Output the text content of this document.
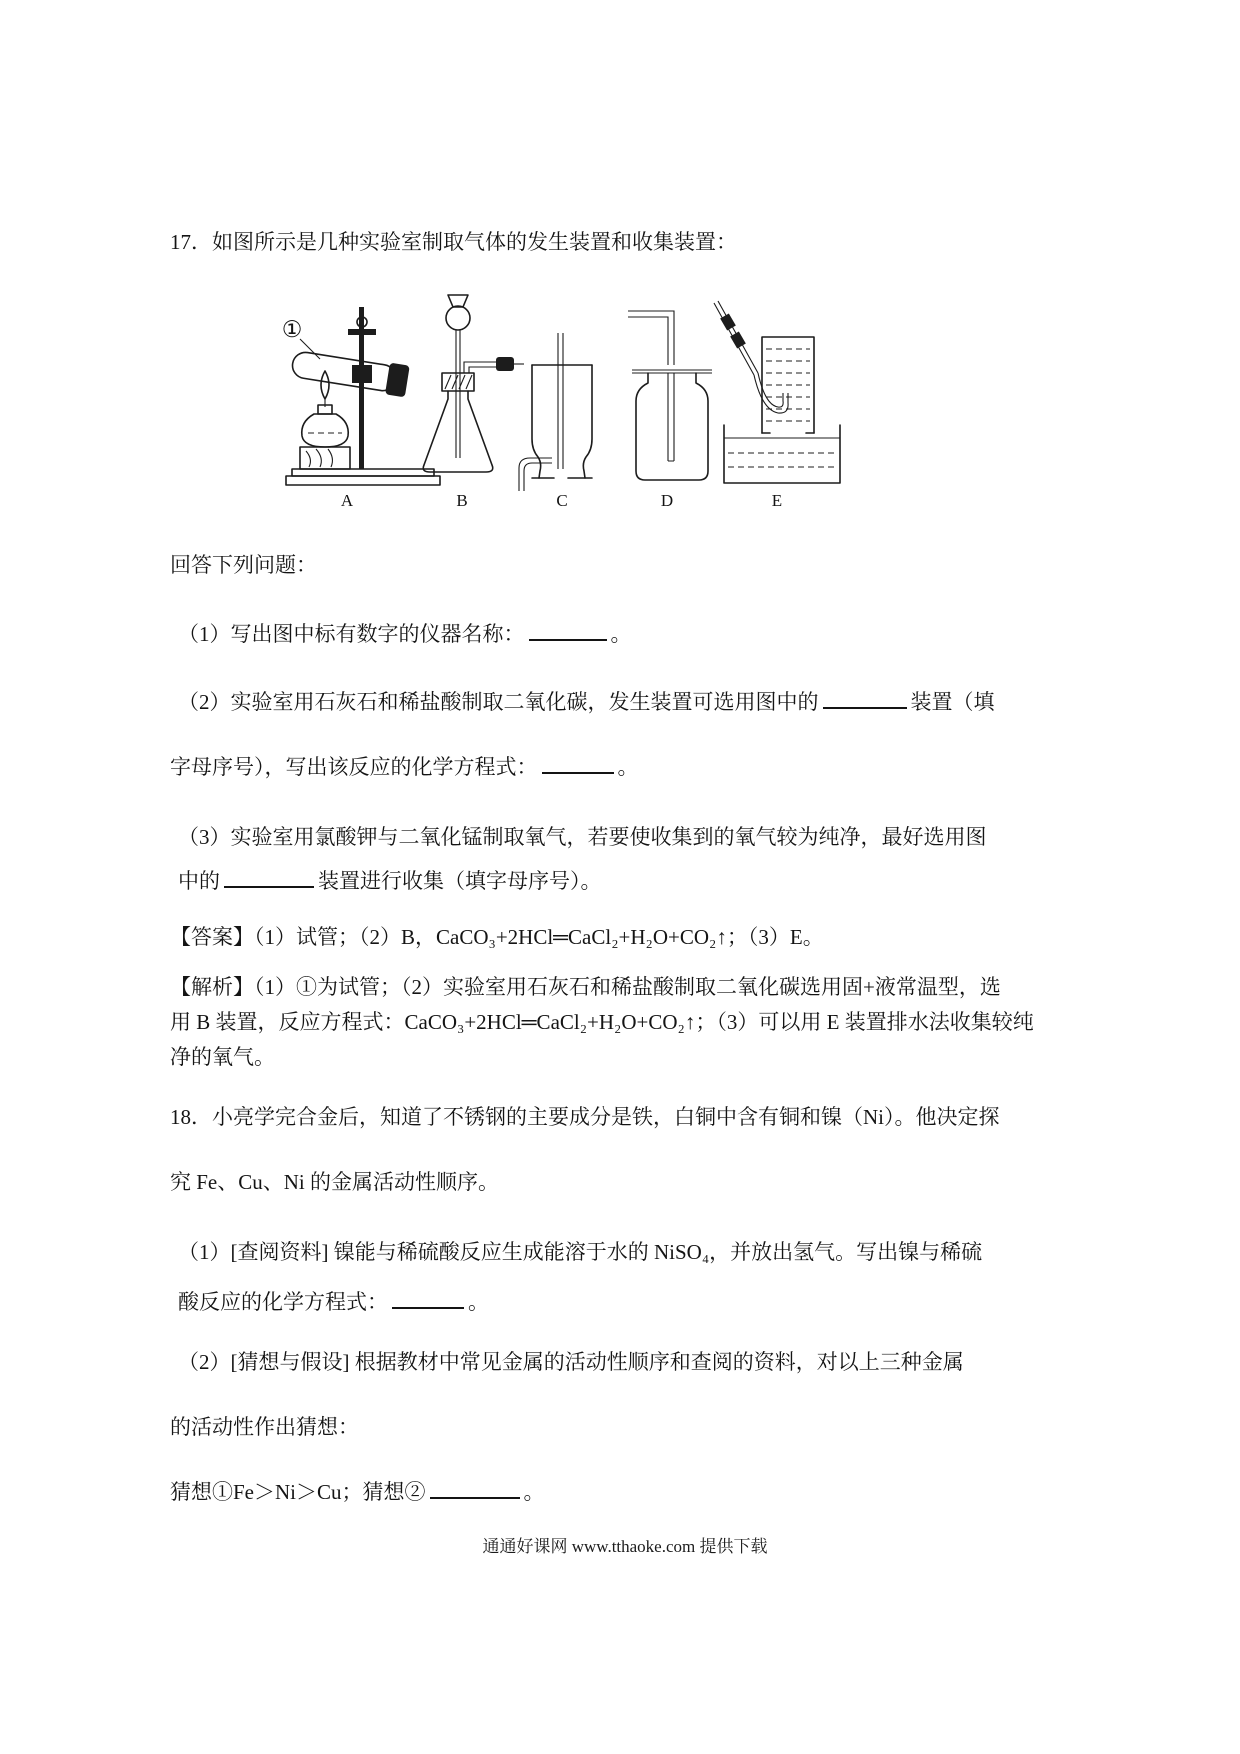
17．如图所示是几种实验室制取气体的发生装置和收集装置：

①
A	B	C	D	E

回答下列问题：

（1）写出图中标有数字的仪器名称：	。

（2）实验室用石灰石和稀盐酸制取二氧化碳，发生装置可选用图中的	装置（填
字母序号），写出该反应的化学方程式：	。
（3）实验室用氯酸钾与二氧化锰制取氧气，若要使收集到的氧气较为纯净，最好选用图
中的	装置进行收集（填字母序号）。

【答案】（1）试管；（2）B，CaCO₃+2HCl═CaCl₂+H₂O+CO₂↑；（3）E。

【解析】（1）①为试管；（2）实验室用石灰石和稀盐酸制取二氧化碳选用固+液常温型，选
用 B 装置，反应方程式：CaCO₃+2HCl═CaCl₂+H₂O+CO₂↑；（3）可以用 E 装置排水法收集较纯
净的氧气。
18．小亮学完合金后，知道了不锈钢的主要成分是铁，白铜中含有铜和镍（Ni）。他决定探
究 Fe、Cu、Ni 的金属活动性顺序。
（1）[查阅资料] 镍能与稀硫酸反应生成能溶于水的 NiSO₄，并放出氢气。写出镍与稀硫
酸反应的化学方程式：	。
（2）[猜想与假设] 根据教材中常见金属的活动性顺序和查阅的资料，对以上三种金属
的活动性作出猜想：

猜想①Fe＞Ni＞Cu；猜想②	。

通通好课网 www.tthaoke.com 提供下载
